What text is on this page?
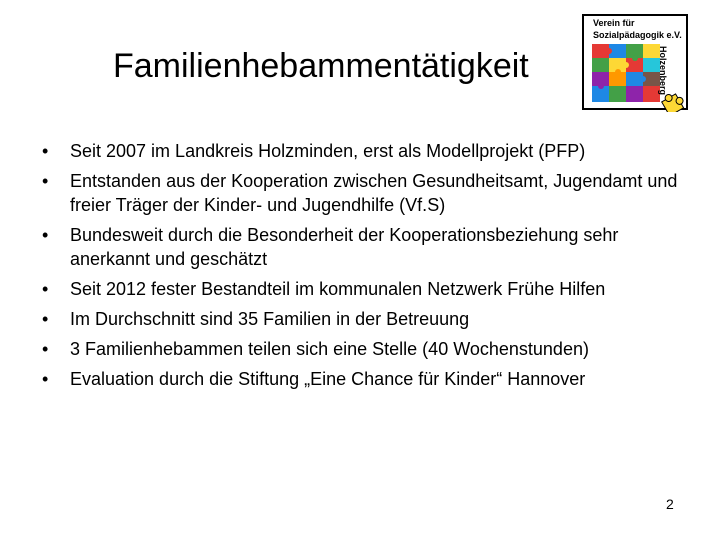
Familienhebammentätigkeit
Verein für
Sozialpädagogik e.V.
Holzenberg
• Seit 2007 im Landkreis Holzminden, erst als Modellprojekt (PFP)
• Entstanden aus der Kooperation zwischen Gesundheitsamt, Jugendamt und freier Träger der Kinder- und Jugendhilfe (Vf.S)
• Bundesweit durch die Besonderheit der Kooperationsbeziehung sehr anerkannt und geschätzt
• Seit 2012 fester Bestandteil im kommunalen Netzwerk Frühe Hilfen
• Im Durchschnitt sind 35 Familien in der Betreuung
• 3 Familienhebammen teilen sich eine Stelle (40 Wochenstunden)
• Evaluation durch die Stiftung „Eine Chance für Kinder“ Hannover
2
